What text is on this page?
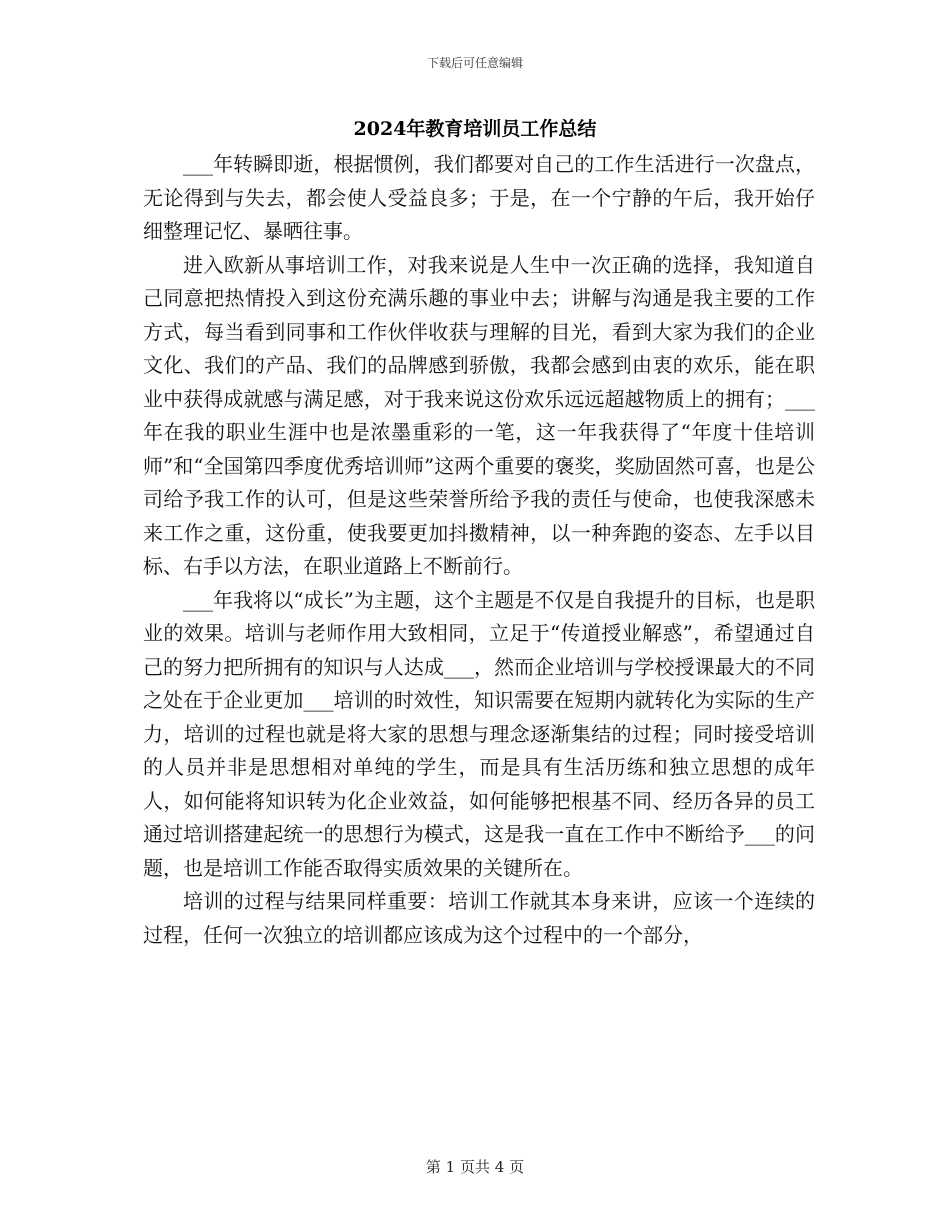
下载后可任意编辑
2024年教育培训员工作总结

___年转瞬即逝，根据惯例，我们都要对自己的工作生活进行一次盘点，无论得到与失去，都会使人受益良多；于是，在一个宁静的午后，我开始仔细整理记忆、暴晒往事。

进入欧新从事培训工作，对我来说是人生中一次正确的选择，我知道自己同意把热情投入到这份充满乐趣的事业中去；讲解与沟通是我主要的工作方式，每当看到同事和工作伙伴收获与理解的目光，看到大家为我们的企业文化、我们的产品、我们的品牌感到骄傲，我都会感到由衷的欢乐，能在职业中获得成就感与满足感，对于我来说这份欢乐远远超越物质上的拥有；___年在我的职业生涯中也是浓墨重彩的一笔，这一年我获得了“年度十佳培训师”和“全国第四季度优秀培训师”这两个重要的褒奖，奖励固然可喜，也是公司给予我工作的认可，但是这些荣誉所给予我的责任与使命，也使我深感未来工作之重，这份重，使我要更加抖擞精神，以一种奔跑的姿态、左手以目标、右手以方法，在职业道路上不断前行。

___年我将以“成长”为主题，这个主题是不仅是自我提升的目标，也是职业的效果。培训与老师作用大致相同，立足于“传道授业解惑”，希望通过自己的努力把所拥有的知识与人达成___，然而企业培训与学校授课最大的不同之处在于企业更加___培训的时效性，知识需要在短期内就转化为实际的生产力，培训的过程也就是将大家的思想与理念逐渐集结的过程；同时接受培训的人员并非是思想相对单纯的学生，而是具有生活历练和独立思想的成年人，如何能将知识转为化企业效益，如何能够把根基不同、经历各异的员工通过培训搭建起统一的思想行为模式，这是我一直在工作中不断给予___的问题，也是培训工作能否取得实质效果的关键所在。

培训的过程与结果同样重要：培训工作就其本身来讲，应该一个连续的过程，任何一次独立的培训都应该成为这个过程中的一个部分，

第 1 页共 4 页
